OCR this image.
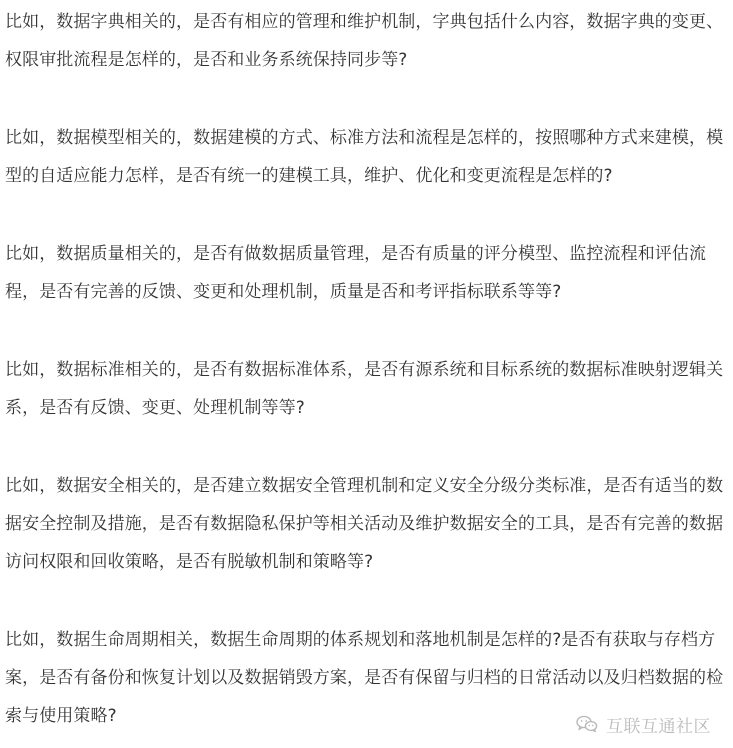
比如，数据字典相关的，是否有相应的管理和维护机制，字典包括什么内容，数据字典的变更、权限审批流程是怎样的，是否和业务系统保持同步等?

比如，数据模型相关的，数据建模的方式、标准方法和流程是怎样的，按照哪种方式来建模，模型的自适应能力怎样，是否有统一的建模工具，维护、优化和变更流程是怎样的?

比如，数据质量相关的，是否有做数据质量管理，是否有质量的评分模型、监控流程和评估流程，是否有完善的反馈、变更和处理机制，质量是否和考评指标联系等等?

比如，数据标准相关的，是否有数据标准体系，是否有源系统和目标系统的数据标准映射逻辑关系，是否有反馈、变更、处理机制等等?

比如，数据安全相关的，是否建立数据安全管理机制和定义安全分级分类标准，是否有适当的数据安全控制及措施，是否有数据隐私保护等相关活动及维护数据安全的工具，是否有完善的数据访问权限和回收策略，是否有脱敏机制和策略等?

比如，数据生命周期相关，数据生命周期的体系规划和落地机制是怎样的?是否有获取与存档方案，是否有备份和恢复计划以及数据销毁方案，是否有保留与归档的日常活动以及归档数据的检索与使用策略?

互联互通社区
